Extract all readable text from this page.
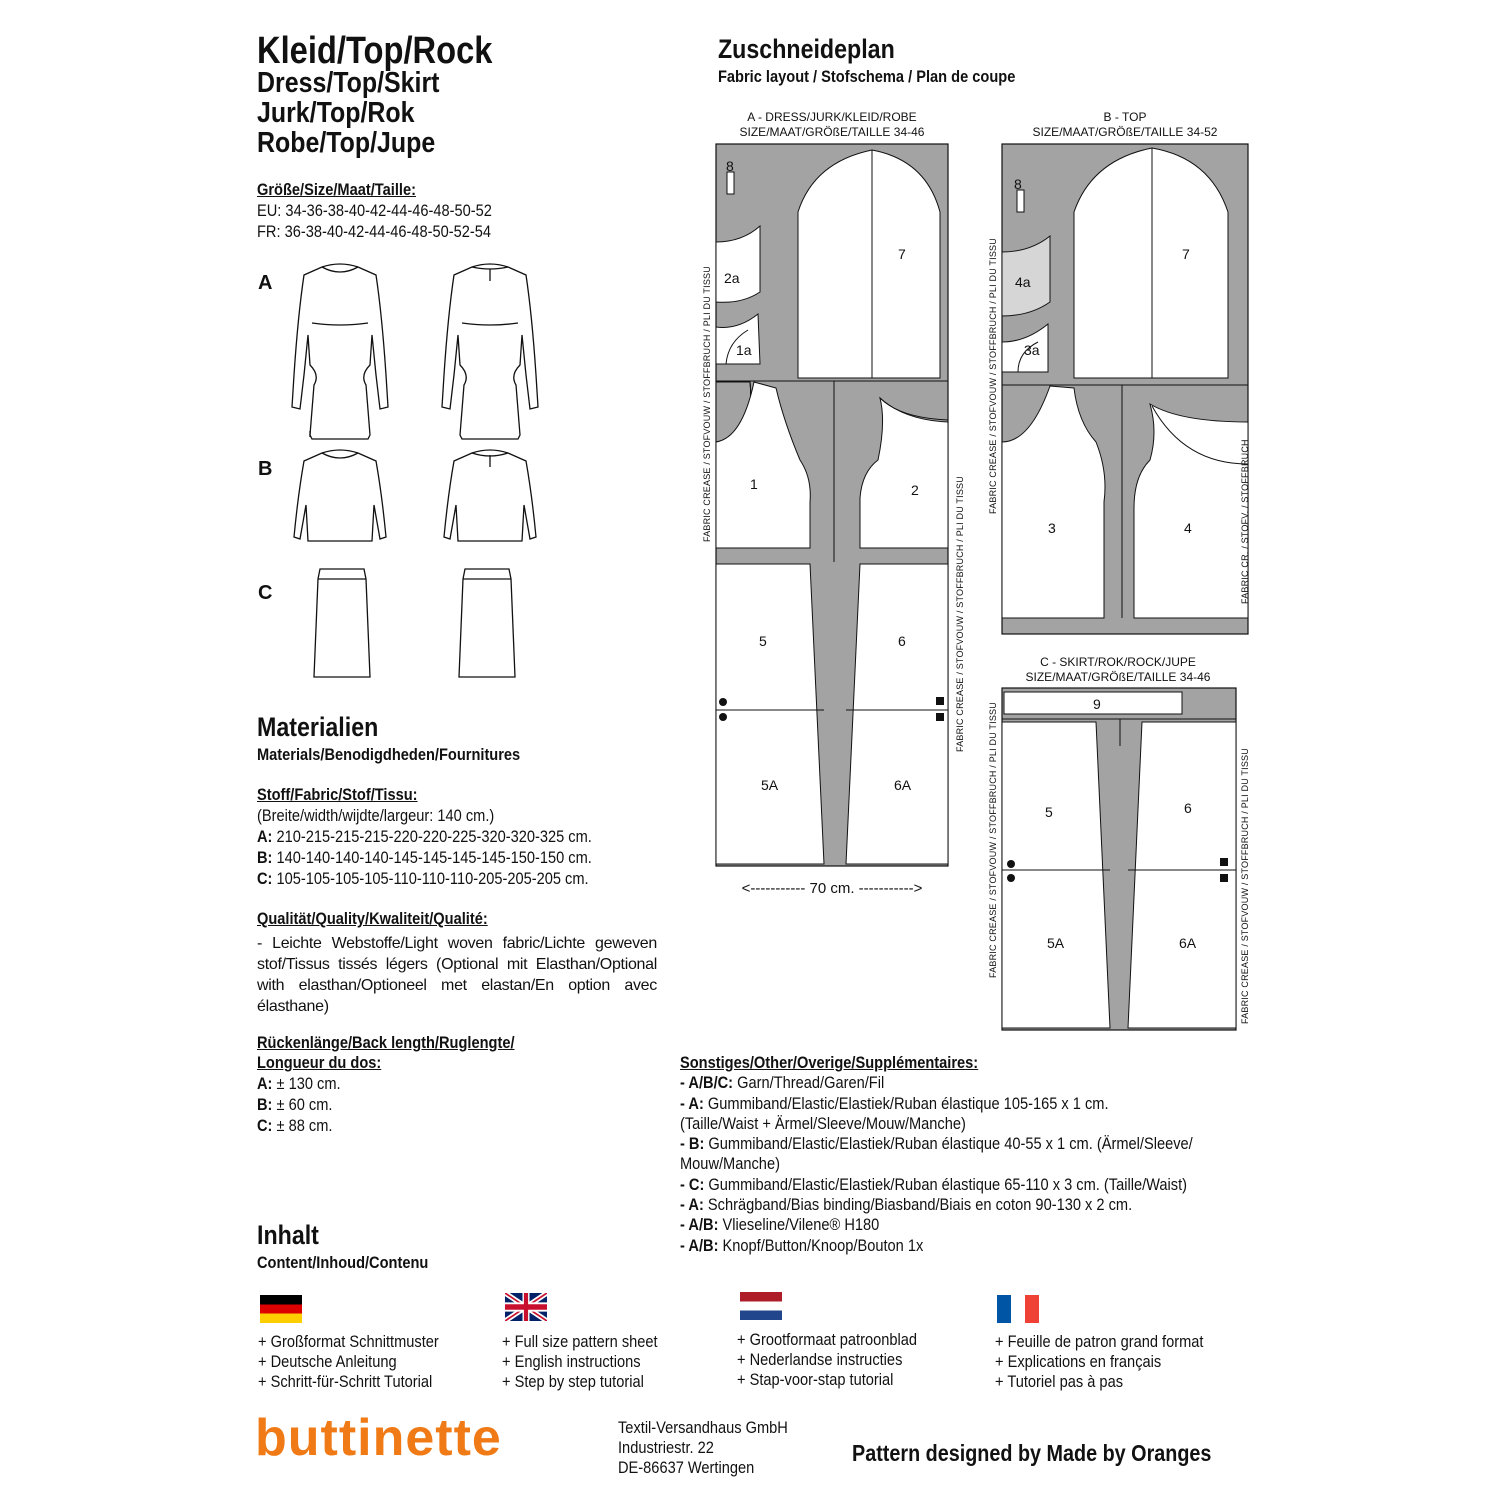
Kleid/Top/Rock
Dress/Top/Skirt
Jurk/Top/Rok
Robe/Top/Jupe
Größe/Size/Maat/Taille:
EU: 34-36-38-40-42-44-46-48-50-52
FR: 36-38-40-42-44-46-48-50-52-54
A
B
C
Materialien
Materials/Benodigdheden/Fournitures
Stoff/Fabric/Stof/Tissu:
(Breite/width/wijdte/largeur: 140 cm.)
A: 210-215-215-215-220-220-225-320-320-325 cm.
B: 140-140-140-140-145-145-145-145-150-150 cm.
C: 105-105-105-105-110-110-110-205-205-205 cm.
Qualität/Quality/Kwaliteit/Qualité:
- Leichte Webstoffe/Light woven fabric/Lichte geweven stof/Tissus tissés légers (Optional mit Elasthan/Optional with elasthan/Optioneel met elastan/En option avec élasthane)
Rückenlänge/Back length/Ruglengte/
Longueur du dos:
A: ± 130 cm.
B: ± 60 cm.
C: ± 88 cm.
Inhalt
Content/Inhoud/Contenu
+ Großformat Schnittmuster
+ Deutsche Anleitung
+ Schritt-für-Schritt Tutorial
+ Full size pattern sheet
+ English instructions
+ Step by step tutorial
+ Grootformaat patroonblad
+ Nederlandse instructies
+ Stap-voor-stap tutorial
+ Feuille de patron grand format
+ Explications en français
+ Tutoriel pas à pas
buttinette	Textil-Versandhaus GmbH
Industriestr. 22
DE-86637 Wertingen
Pattern designed by Made by Oranges
Zuschneideplan
Fabric layout / Stofschema / Plan de coupe
A - DRESS/JURK/KLEID/ROBE
SIZE/MAAT/GRÖßE/TAILLE 34-46
B - TOP
SIZE/MAAT/GRÖßE/TAILLE 34-52
C - SKIRT/ROK/ROCK/JUPE
SIZE/MAAT/GRÖßE/TAILLE 34-46
8
2a
1a
7
1	2
5	6
5A	6A
<----------- 70 cm. ----------->
FABRIC CREASE / STOFVOUW / STOFFBRUCH / PLI DU TISSU
FABRIC CREASE / STOFVOUW / STOFFBRUCH / PLI DU TISSU
8
4a
3a
7
3	4
FABRIC CREASE / STOFVOUW / STOFFBRUCH / PLI DU TISSU
FABRIC CR. / STOFV. / STOFFBRUCH
9
5	6
5A	6A
FABRIC CREASE / STOFVOUW / STOFFBRUCH / PLI DU TISSU	FABRIC CREASE / STOFVOUW / STOFFBRUCH / PLI DU TISSU
Sonstiges/Other/Overige/Supplémentaires:
- A/B/C: Garn/Thread/Garen/Fil
- A: Gummiband/Elastic/Elastiek/Ruban élastique 105-165 x 1 cm.
(Taille/Waist + Ärmel/Sleeve/Mouw/Manche)
- B: Gummiband/Elastic/Elastiek/Ruban élastique 40-55 x 1 cm. (Ärmel/Sleeve/
Mouw/Manche)
- C: Gummiband/Elastic/Elastiek/Ruban élastique 65-110 x 3 cm. (Taille/Waist)
- A: Schrägband/Bias binding/Biasband/Biais en coton 90-130 x 2 cm.
- A/B: Vlieseline/Vilene® H180
- A/B: Knopf/Button/Knoop/Bouton 1x
